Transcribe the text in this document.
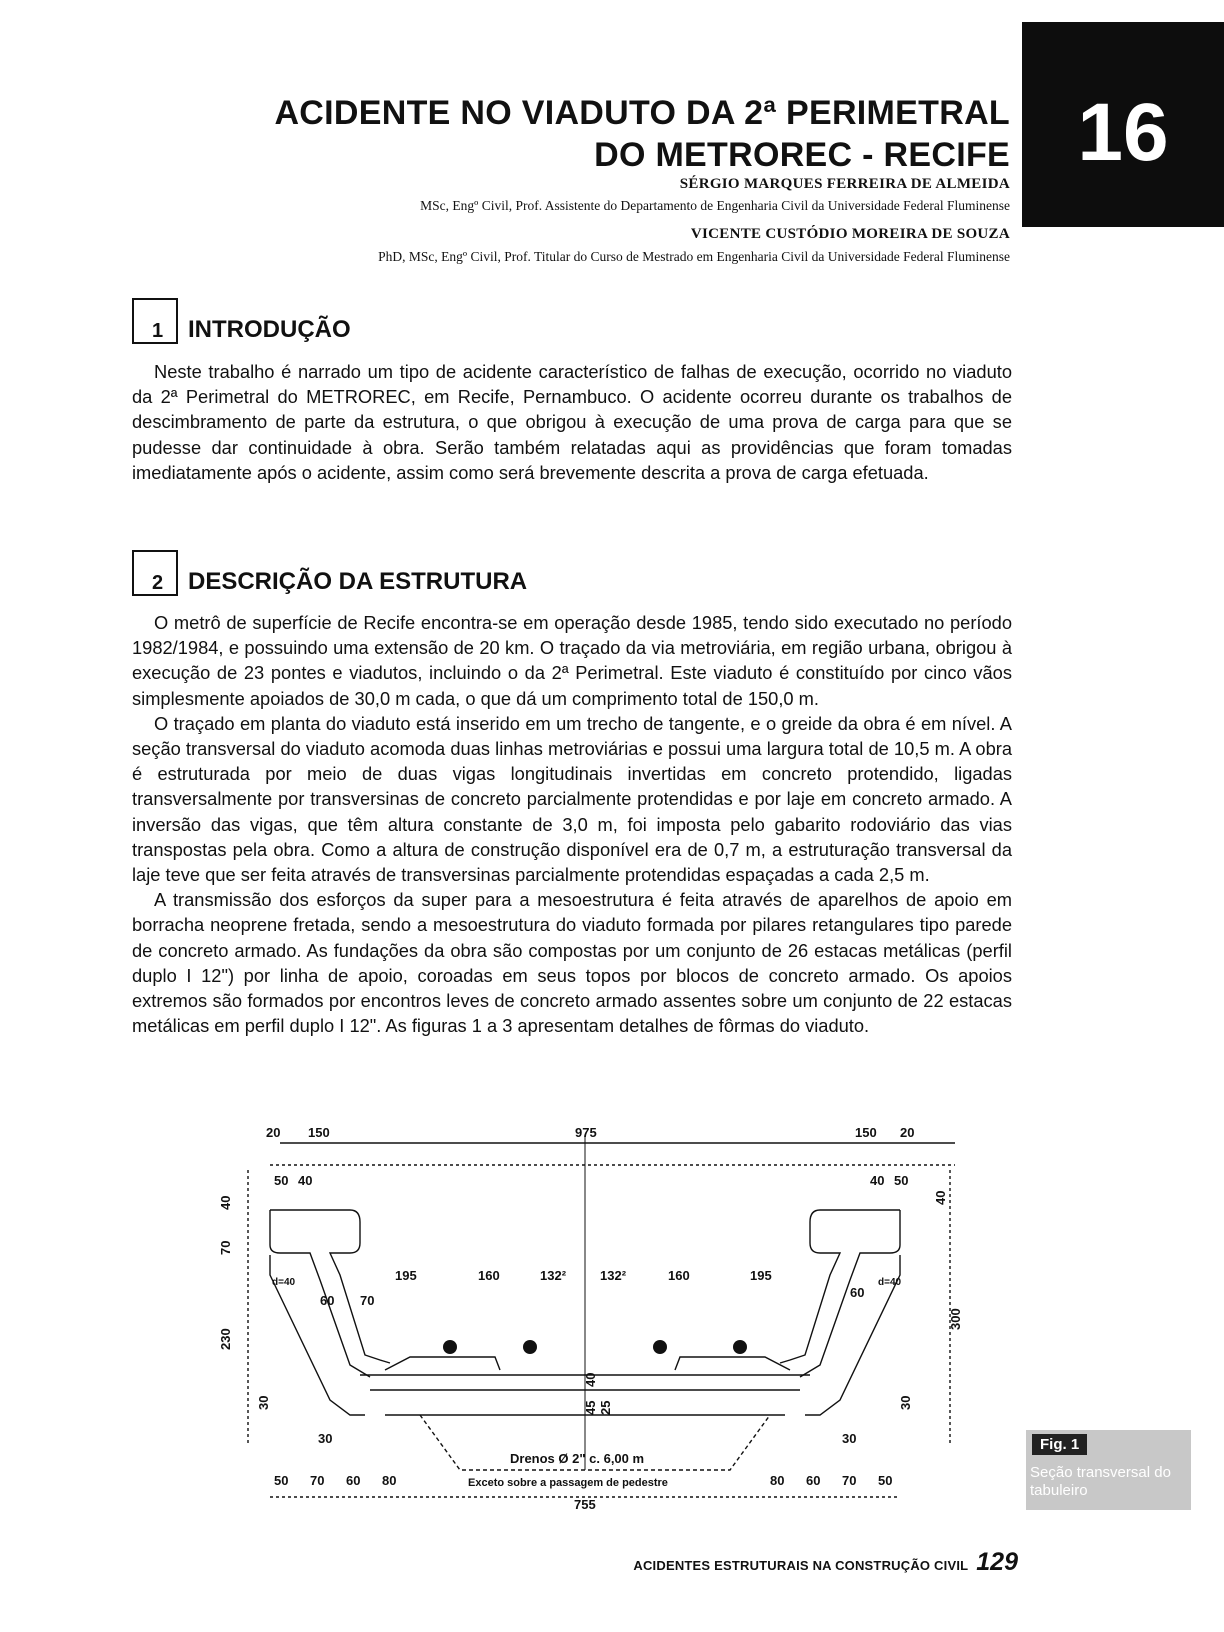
16
ACIDENTE NO VIADUTO DA 2ª PERIMETRAL
DO METROREC - RECIFE
SÉRGIO MARQUES FERREIRA DE ALMEIDA
MSc, Engº Civil, Prof. Assistente do Departamento de Engenharia Civil da Universidade Federal Fluminense
VICENTE CUSTÓDIO MOREIRA DE SOUZA
PhD, MSc, Engº Civil, Prof. Titular do Curso de Mestrado em Engenharia Civil da Universidade Federal Fluminense
1 INTRODUÇÃO

Neste trabalho é narrado um tipo de acidente característico de falhas de execução, ocorrido no viaduto da 2ª Perimetral do METROREC, em Recife, Pernambuco. O acidente ocorreu durante os trabalhos de descimbramento de parte da estrutura, o que obrigou à execução de uma prova de carga para que se pudesse dar continuidade à obra. Serão também relatadas aqui as providências que foram tomadas imediatamente após o acidente, assim como será brevemente descrita a prova de carga efetuada.

2 DESCRIÇÃO DA ESTRUTURA

O metrô de superfície de Recife encontra-se em operação desde 1985, tendo sido executado no período 1982/1984, e possuindo uma extensão de 20 km. O traçado da via metroviária, em região urbana, obrigou à execução de 23 pontes e viadutos, incluindo o da 2ª Perimetral. Este viaduto é constituído por cinco vãos simplesmente apoiados de 30,0 m cada, o que dá um comprimento total de 150,0 m.

O traçado em planta do viaduto está inserido em um trecho de tangente, e o greide da obra é em nível. A seção transversal do viaduto acomoda duas linhas metroviárias e possui uma largura total de 10,5 m. A obra é estruturada por meio de duas vigas longitudinais invertidas em concreto protendido, ligadas transversalmente por transversinas de concreto parcialmente protendidas e por laje em concreto armado. A inversão das vigas, que têm altura constante de 3,0 m, foi imposta pelo gabarito rodoviário das vias transpostas pela obra. Como a altura de construção disponível era de 0,7 m, a estruturação transversal da laje teve que ser feita através de transversinas parcialmente protendidas espaçadas a cada 2,5 m.

A transmissão dos esforços da super para a mesoestrutura é feita através de aparelhos de apoio em borracha neoprene fretada, sendo a mesoestrutura do viaduto formada por pilares retangulares tipo parede de concreto armado. As fundações da obra são compostas por um conjunto de 26 estacas metálicas (perfil duplo I 12") por linha de apoio, coroadas em seus topos por blocos de concreto armado. Os apoios extremos são formados por encontros leves de concreto armado assentes sobre um conjunto de 22 estacas metálicas em perfil duplo I 12". As figuras 1 a 3 apresentam detalhes de fôrmas do viaduto.

20 150	975	150 20
50 40	40 50
195	160	132²	132²	160	195
40
70
230
30
40
300
30
60 70
60
d=40	d=40
40
45 25
30	30
50 70 60 80
755
80 60 70 50
Drenos Ø 2" c. 6,00 m
Exceto sobre a passagem de pedestre
Fig. 1
Seção transversal do tabuleiro
ACIDENTES ESTRUTURAIS NA CONSTRUÇÃO CIVIL 129
